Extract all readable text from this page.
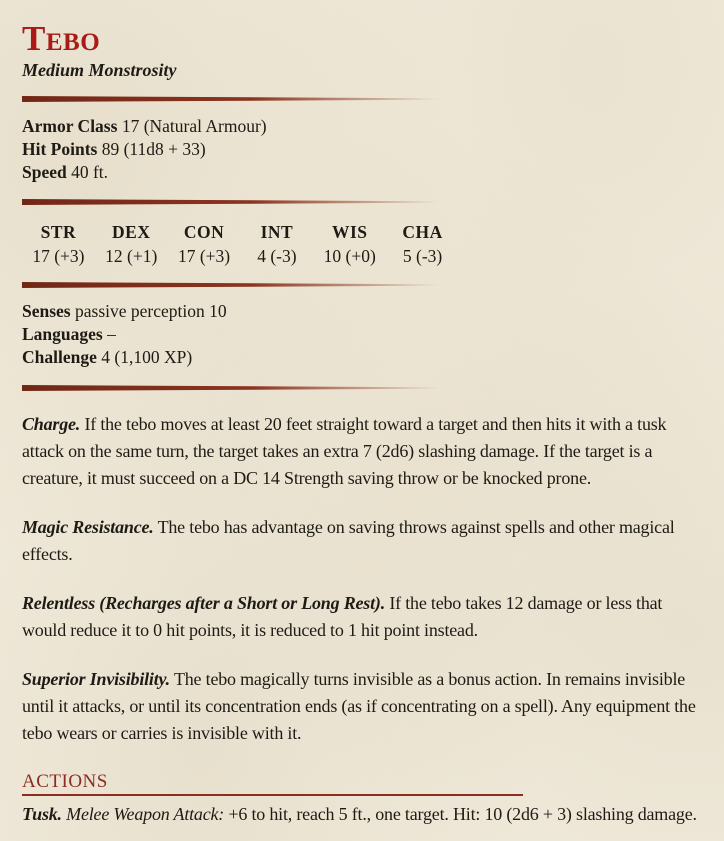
Tebo
Medium Monstrosity
Armor Class 17 (Natural Armour)
Hit Points 89 (11d8 + 33)
Speed 40 ft.
STR
17 (+3)
DEX
12 (+1)
CON
17 (+3)
INT
4 (-3)
WIS
10 (+0)
CHA
5 (-3)
Senses passive perception 10
Languages –
Challenge 4 (1,100 XP)

Charge. If the tebo moves at least 20 feet straight toward a target and then hits it with a tusk attack on the same turn, the target takes an extra 7 (2d6) slashing damage. If the target is a creature, it must succeed on a DC 14 Strength saving throw or be knocked prone.

Magic Resistance. The tebo has advantage on saving throws against spells and other magical effects.

Relentless (Recharges after a Short or Long Rest). If the tebo takes 12 damage or less that would reduce it to 0 hit points, it is reduced to 1 hit point instead.

Superior Invisibility. The tebo magically turns invisible as a bonus action. In remains invisible until it attacks, or until its concentration ends (as if concentrating on a spell). Any equipment the tebo wears or carries is invisible with it.

ACTIONS

Tusk. Melee Weapon Attack: +6 to hit, reach 5 ft., one target. Hit: 10 (2d6 + 3) slashing damage.
